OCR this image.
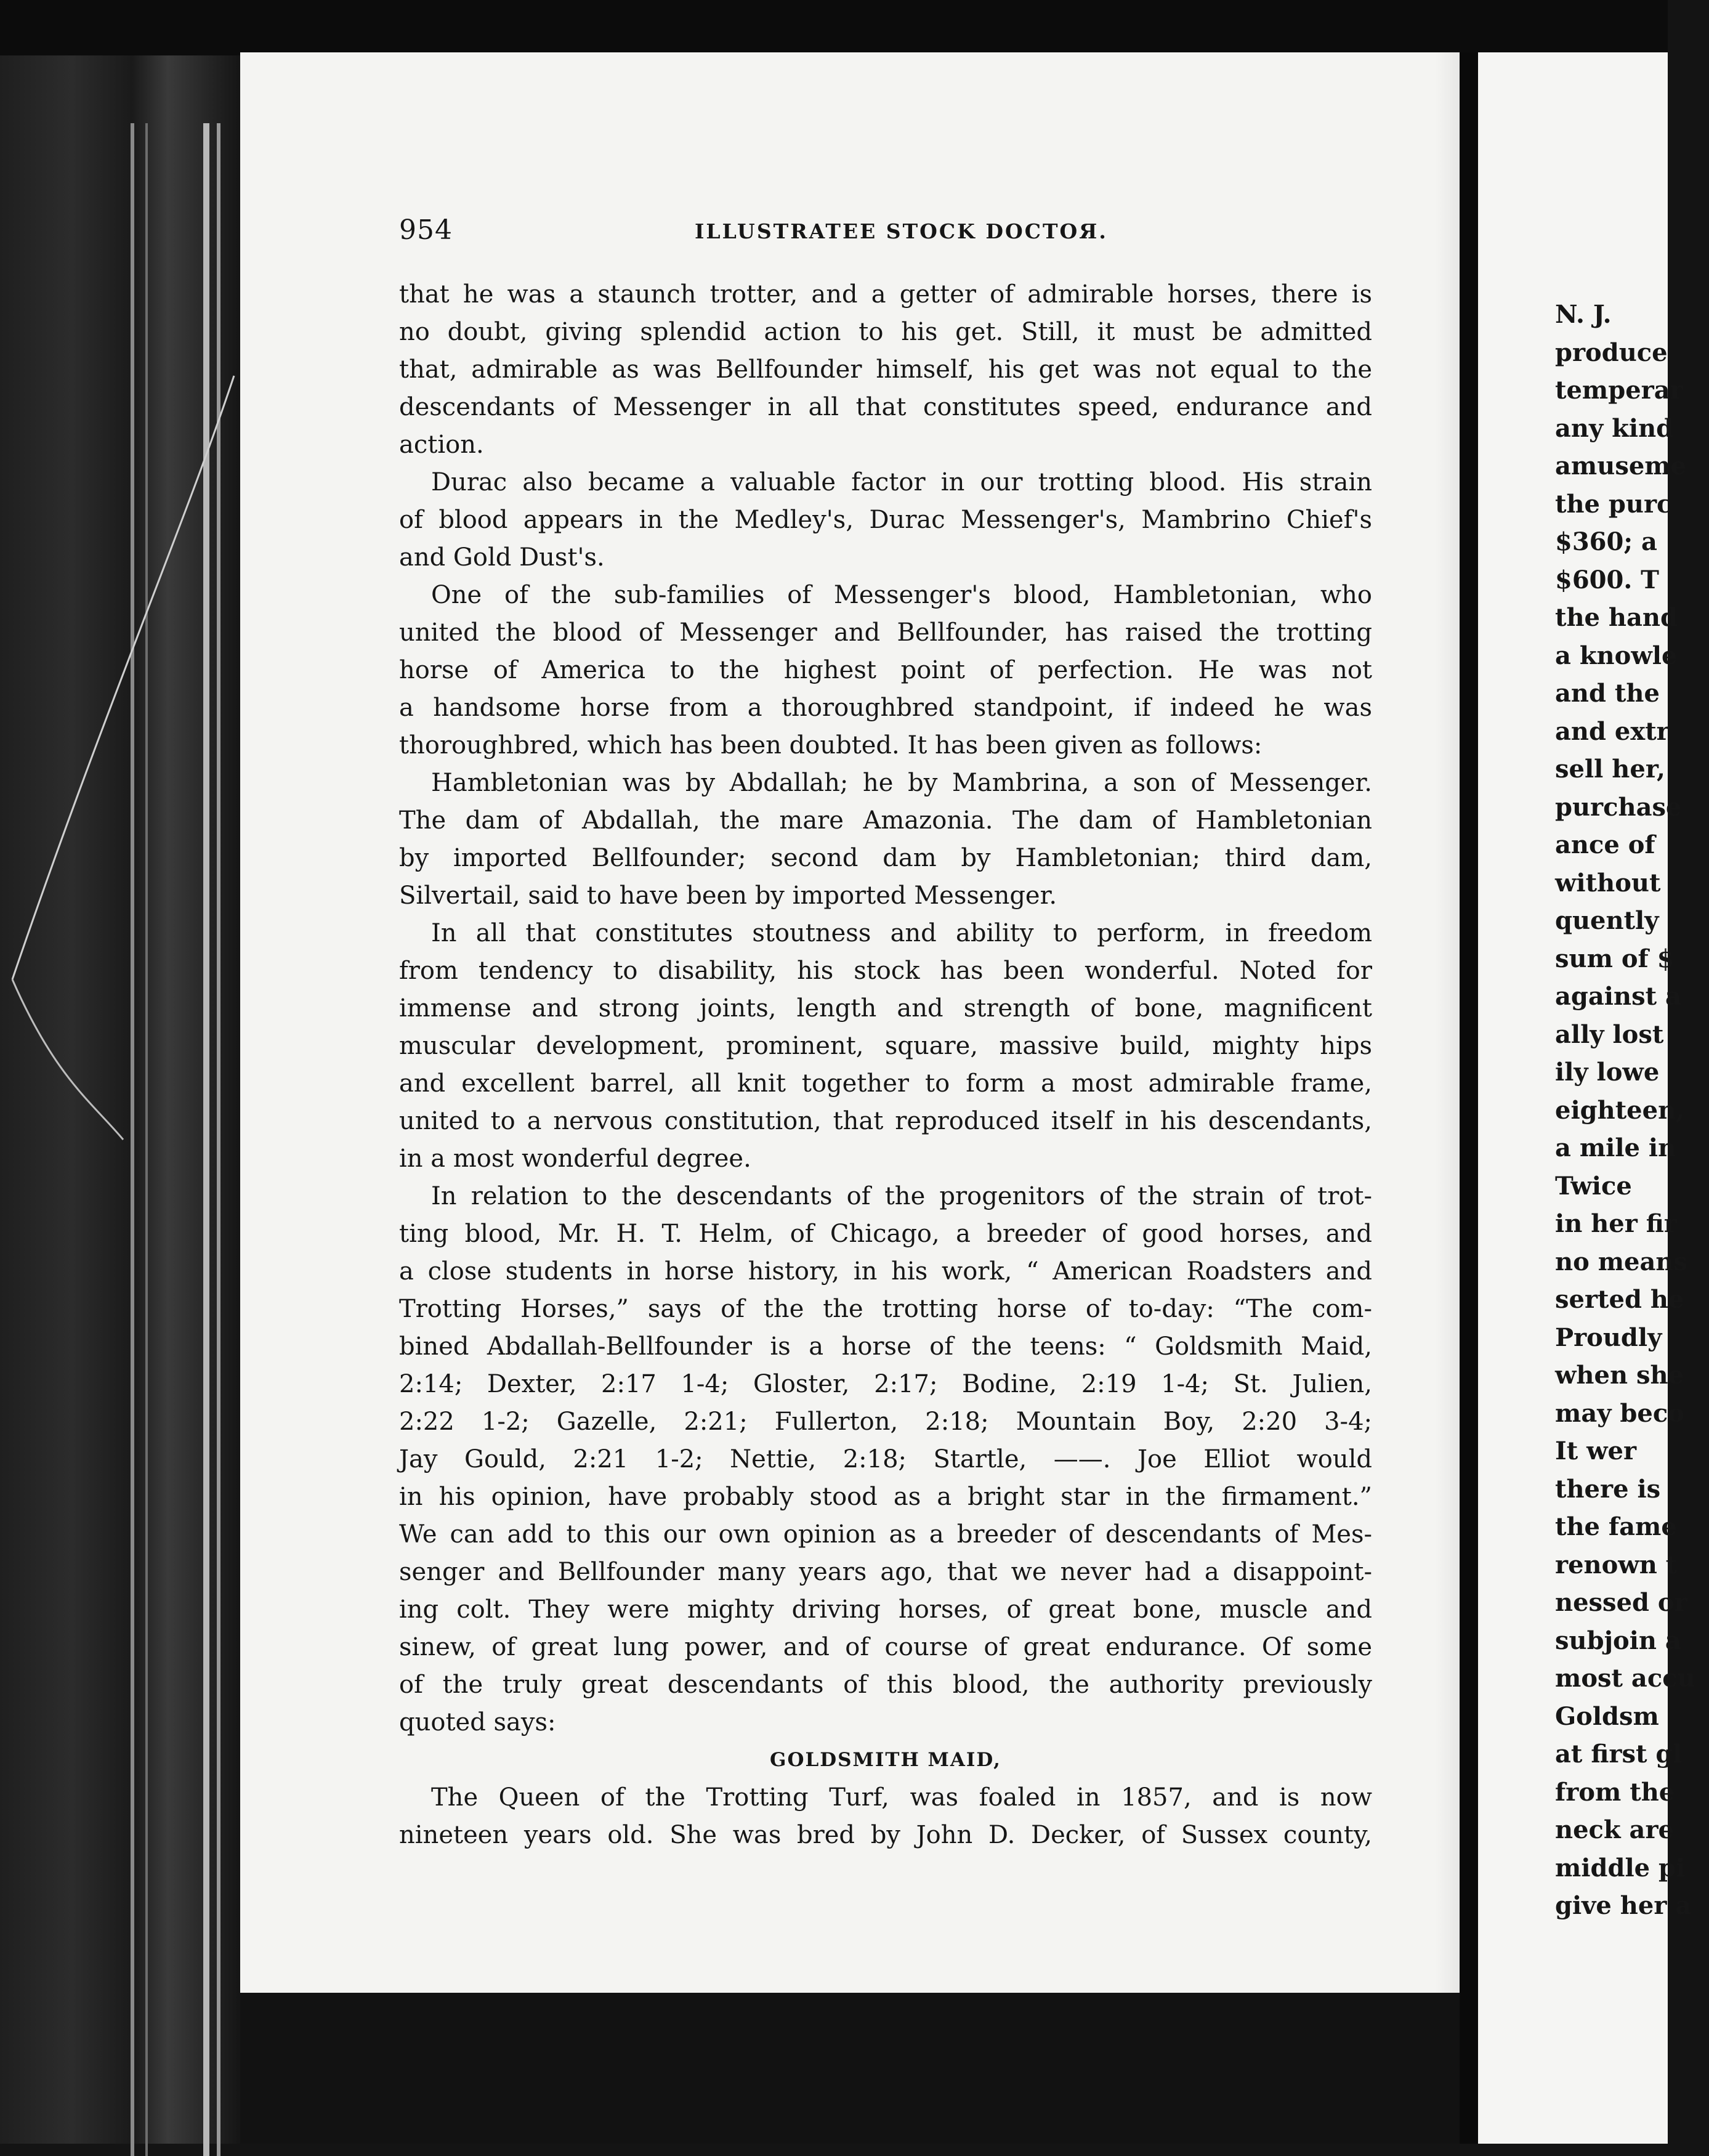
954	ILLUSTRATEE STOCK DOCTOЯ.
that he was a staunch trotter, and a getter of admirable horses, there is
no doubt, giving splendid action to his get. Still, it must be admitted
that, admirable as was Bellfounder himself, his get was not equal to the
descendants of Messenger in all that constitutes speed, endurance and
action.
Durac also became a valuable factor in our trotting blood. His strain
of blood appears in the Medley's, Durac Messenger's, Mambrino Chief's
and Gold Dust's.
One of the sub-families of Messenger's blood, Hambletonian, who
united the blood of Messenger and Bellfounder, has raised the trotting
horse of America to the highest point of perfection. He was not
a handsome horse from a thoroughbred standpoint, if indeed he was
thoroughbred, which has been doubted. It has been given as follows:
Hambletonian was by Abdallah; he by Mambrina, a son of Messenger.
The dam of Abdallah, the mare Amazonia. The dam of Hambletonian
by imported Bellfounder; second dam by Hambletonian; third dam,
Silvertail, said to have been by imported Messenger.
In all that constitutes stoutness and ability to perform, in freedom
from tendency to disability, his stock has been wonderful. Noted for
immense and strong joints, length and strength of bone, magnificent
muscular development, prominent, square, massive build, mighty hips
and excellent barrel, all knit together to form a most admirable frame,
united to a nervous constitution, that reproduced itself in his descendants,
in a most wonderful degree.
In relation to the descendants of the progenitors of the strain of trot-
ting blood, Mr. H. T. Helm, of Chicago, a breeder of good horses, and
a close students in horse history, in his work, “ American Roadsters and
Trotting Horses,” says of the the trotting horse of to-day: “The com-
bined Abdallah-Bellfounder is a horse of the teens: “ Goldsmith Maid,
2:14; Dexter, 2:17 1-4; Gloster, 2:17; Bodine, 2:19 1-4; St. Julien,
2:22 1-2; Gazelle, 2:21; Fullerton, 2:18; Mountain Boy, 2:20 3-4;
Jay Gould, 2:21 1-2; Nettie, 2:18; Startle, ——. Joe Elliot would
in his opinion, have probably stood as a bright star in the firmament.”
We can add to this our own opinion as a breeder of descendants of Mes-
senger and Bellfounder many years ago, that we never had a disappoint-
ing colt. They were mighty driving horses, of great bone, muscle and
sinew, of great lung power, and of course of great endurance. Of some
of the truly great descendants of this blood, the authority previously
quoted says:
GOLDSMITH MAID,
The Queen of the Trotting Turf, was foaled in 1857, and is now
nineteen years old. She was bred by John D. Decker, of Sussex county,
N. J.
produce
temperar
any kind
amuseme
the purc
$360; a
$600. T
the hand
a knowle
and the
and extr
sell her,
purchase
ance of
without
quently
sum of $
against a
ally lost
ily lowe
eighteen,
a mile in
Twice
in her fir
no means
serted he
Proudly
when she
may beco
It wer
there is
the fame
renown t
nessed or
subjoin a
most accu
Goldsm
at first gl
from the
neck are
middle pi
give her a
